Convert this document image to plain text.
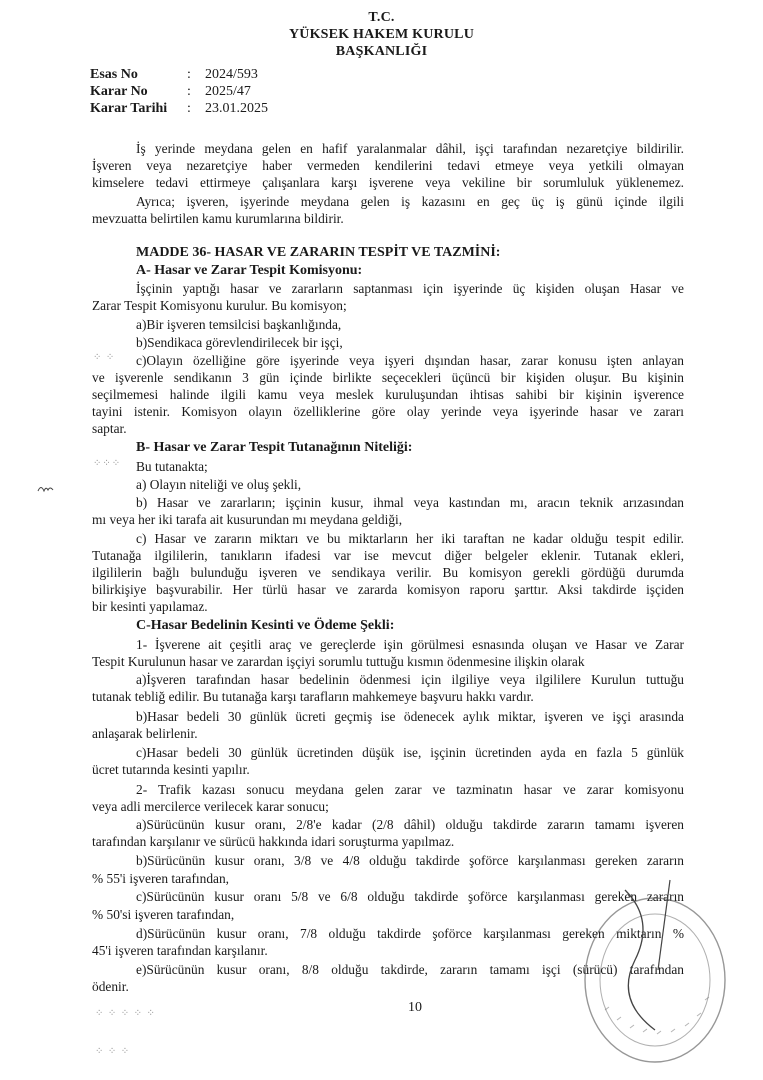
T.C.
YÜKSEK HAKEM KURULU
BAŞKANLIĞI
Esas No	: 2024/593
Karar No	: 2025/47
Karar Tarihi : 23.01.2025
İş yerinde meydana gelen en hafif yaralanmalar dâhil, işçi tarafından nezaretçiye bildirilir.
İşveren veya nezaretçiye haber vermeden kendilerini tedavi etmeye veya yetkili olmayan
kimselere tedavi ettirmeye çalışanlara karşı işverene veya vekiline bir sorumluluk yüklenemez.
Ayrıca; işveren, işyerinde meydana gelen iş kazasını en geç üç iş günü içinde ilgili
mevzuatta belirtilen kamu kurumlarına bildirir.
MADDE 36- HASAR VE ZARARIN TESPİT VE TAZMİNİ:
A- Hasar ve Zarar Tespit Komisyonu:
İşçinin yaptığı hasar ve zararların saptanması için işyerinde üç kişiden oluşan Hasar ve
Zarar Tespit Komisyonu kurulur. Bu komisyon;
a)Bir işveren temsilcisi başkanlığında,
b)Sendikaca görevlendirilecek bir işçi,
c)Olayın özelliğine göre işyerinde veya işyeri dışından hasar, zarar konusu işten anlayan
ve işverenle sendikanın 3 gün içinde birlikte seçecekleri üçüncü bir kişiden oluşur. Bu kişinin
seçilmemesi halinde ilgili kamu veya meslek kuruluşundan ihtisas sahibi bir kişinin işverence
tayini istenir. Komisyon olayın özelliklerine göre olay yerinde veya işyerinde hasar ve zararı
saptar.
B- Hasar ve Zarar Tespit Tutanağının Niteliği:
Bu tutanakta;
a) Olayın niteliği ve oluş şekli,
b) Hasar ve zararların; işçinin kusur, ihmal veya kastından mı, aracın teknik arızasından
mı veya her iki tarafa ait kusurundan mı meydana geldiği,
c) Hasar ve zararın miktarı ve bu miktarların her iki taraftan ne kadar olduğu tespit edilir.
Tutanağa ilgililerin, tanıkların ifadesi var ise mevcut diğer belgeler eklenir. Tutanak ekleri,
ilgililerin bağlı bulunduğu işveren ve sendikaya verilir. Bu komisyon gerekli gördüğü durumda
bilirkişiye başvurabilir. Her türlü hasar ve zararda komisyon raporu şarttır. Aksi takdirde işçiden
bir kesinti yapılamaz.
C-Hasar Bedelinin Kesinti ve Ödeme Şekli:
1- İşverene ait çeşitli araç ve gereçlerde işin görülmesi esnasında oluşan ve Hasar ve Zarar
Tespit Kurulunun hasar ve zarardan işçiyi sorumlu tuttuğu kısmın ödenmesine ilişkin olarak
a)İşveren tarafından hasar bedelinin ödenmesi için ilgiliye veya ilgililere Kurulun tuttuğu
tutanak tebliğ edilir. Bu tutanağa karşı tarafların mahkemeye başvuru hakkı vardır.
b)Hasar bedeli 30 günlük ücreti geçmiş ise ödenecek aylık miktar, işveren ve işçi arasında
anlaşarak belirlenir.
c)Hasar bedeli 30 günlük ücretinden düşük ise, işçinin ücretinden ayda en fazla 5 günlük
ücret tutarında kesinti yapılır.
2- Trafik kazası sonucu meydana gelen zarar ve tazminatın hasar ve zarar komisyonu
veya adli mercilerce verilecek karar sonucu;
a)Sürücünün kusur oranı, 2/8'e kadar (2/8 dâhil) olduğu takdirde zararın tamamı işveren
tarafından karşılanır ve sürücü hakkında idari soruşturma yapılmaz.
b)Sürücünün kusur oranı, 3/8 ve 4/8 olduğu takdirde şoförce karşılanması gereken zararın
% 55'i işveren tarafından,
c)Sürücünün kusur oranı 5/8 ve 6/8 olduğu takdirde şoförce karşılanması gereken zararın
% 50'si işveren tarafından,
d)Sürücünün kusur oranı, 7/8 olduğu takdirde şoförce karşılanması gereken miktarın %
45'i işveren tarafından karşılanır.
e)Sürücünün kusur oranı, 8/8 olduğu takdirde, zararın tamamı işçi (sürücü) tarafından
ödenir.
10
⁘ ⁘
⁘⁘⁘
⁘ ⁘ ⁘ ⁘ ⁘
⁘ ⁘ ⁘
